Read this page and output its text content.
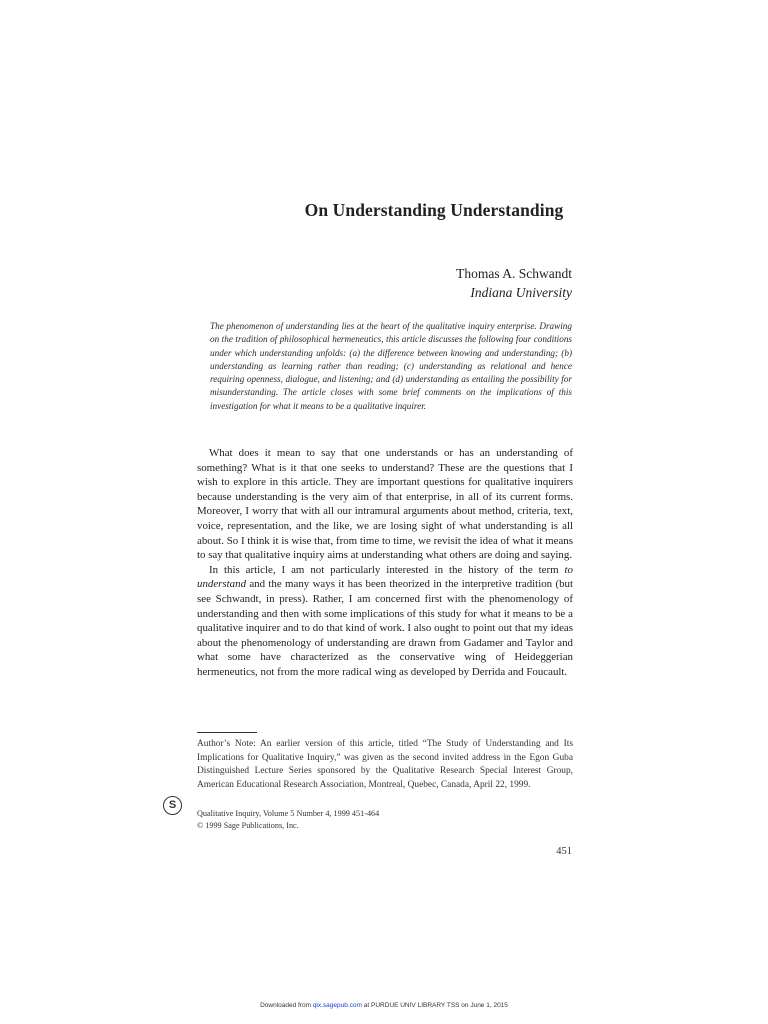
On Understanding Understanding
Thomas A. Schwandt
Indiana University
The phenomenon of understanding lies at the heart of the qualitative inquiry enterprise. Drawing on the tradition of philosophical hermeneutics, this article discusses the following four conditions under which understanding unfolds: (a) the difference between knowing and understanding; (b) understanding as learning rather than reading; (c) understanding as relational and hence requiring openness, dialogue, and listening; and (d) understanding as entailing the possibility for misunderstanding. The article closes with some brief comments on the implications of this investigation for what it means to be a qualitative inquirer.

What does it mean to say that one understands or has an understanding of something? What is it that one seeks to understand? These are the questions that I wish to explore in this article. They are important questions for qualitative inquirers because understanding is the very aim of that enterprise, in all of its current forms. Moreover, I worry that with all our intramural arguments about method, criteria, text, voice, representation, and the like, we are losing sight of what understanding is all about. So I think it is wise that, from time to time, we revisit the idea of what it means to say that qualitative inquiry aims at understanding what others are doing and saying.

In this article, I am not particularly interested in the history of the term to understand and the many ways it has been theorized in the interpretive tradition (but see Schwandt, in press). Rather, I am concerned first with the phenomenology of understanding and then with some implications of this study for what it means to be a qualitative inquirer and to do that kind of work. I also ought to point out that my ideas about the phenomenology of understanding are drawn from Gadamer and Taylor and what some have characterized as the conservative wing of Heideggerian hermeneutics, not from the more radical wing as developed by Derrida and Foucault.

Author’s Note: An earlier version of this article, titled “The Study of Understanding and Its Implications for Qualitative Inquiry,” was given as the second invited address in the Egon Guba Distinguished Lecture Series sponsored by the Qualitative Research Special Interest Group, American Educational Research Association, Montreal, Quebec, Canada, April 22, 1999.
S
Qualitative Inquiry, Volume 5 Number 4, 1999 451-464
© 1999 Sage Publications, Inc.
451
Downloaded from qix.sagepub.com at PURDUE UNIV LIBRARY TSS on June 1, 2015
